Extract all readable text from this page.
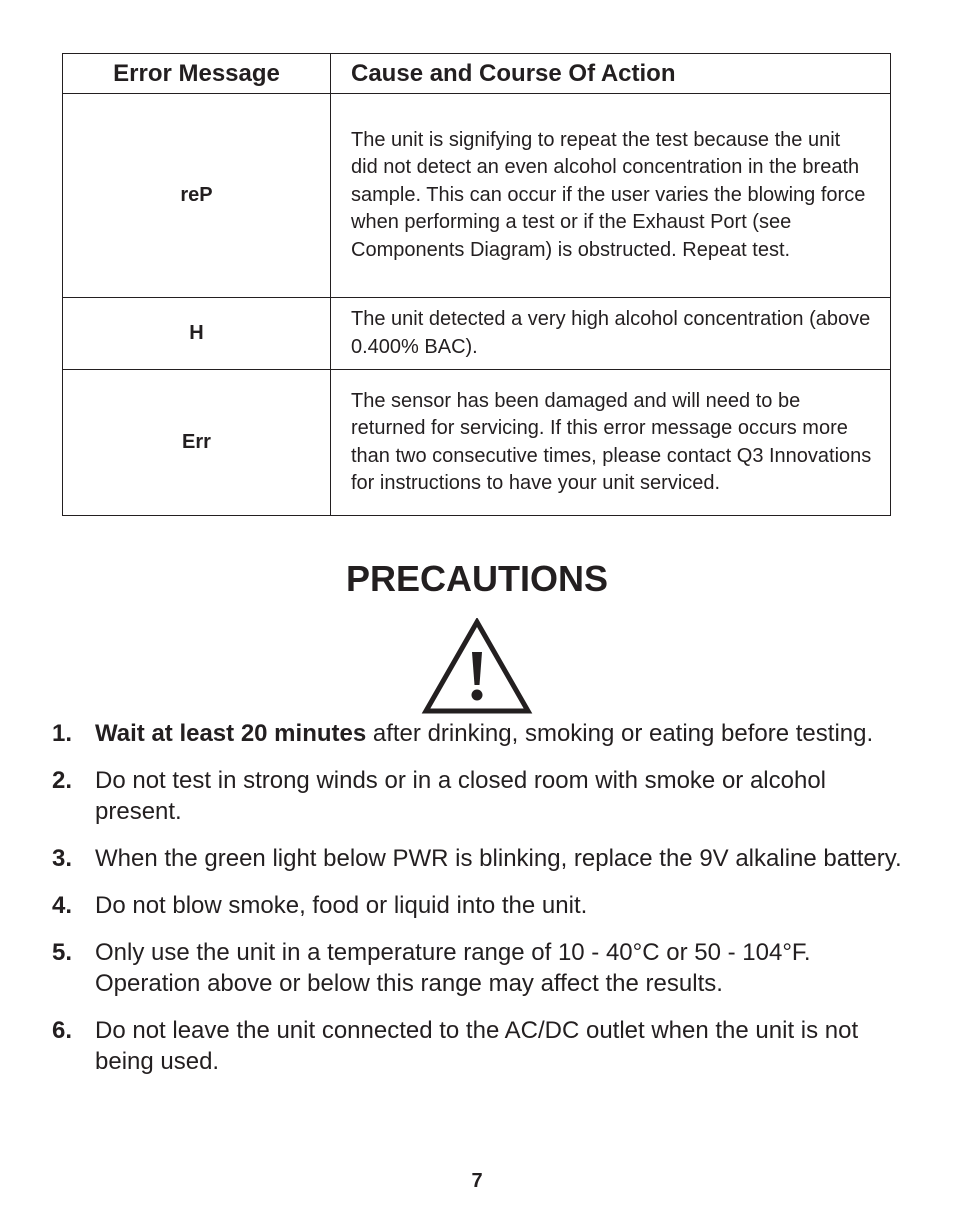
Error Message	Cause and Course Of Action
reP	The unit is signifying to repeat the test because the unit did not detect an even alcohol concentration in the breath sample. This can occur if the user varies the blowing force when performing a test or if the Exhaust Port (see Components Diagram) is obstructed. Repeat test.
H	The unit detected a very high alcohol concentration (above 0.400% BAC).
Err	The sensor has been damaged and will need to be returned for servicing. If this error message occurs more than two consecutive times, please contact Q3 Innovations for instructions to have your unit serviced.
PRECAUTIONS
1. Wait at least 20 minutes after drinking, smoking or eating before testing.
2. Do not test in strong winds or in a closed room with smoke or alcohol present.
3. When the green light below PWR is blinking, replace the 9V alkaline battery.
4. Do not blow smoke, food or liquid into the unit.
5. Only use the unit in a temperature range of 10 - 40°C or 50 - 104°F. Operation above or below this range may affect the results.
6. Do not leave the unit connected to the AC/DC outlet when the unit is not being used.
7
